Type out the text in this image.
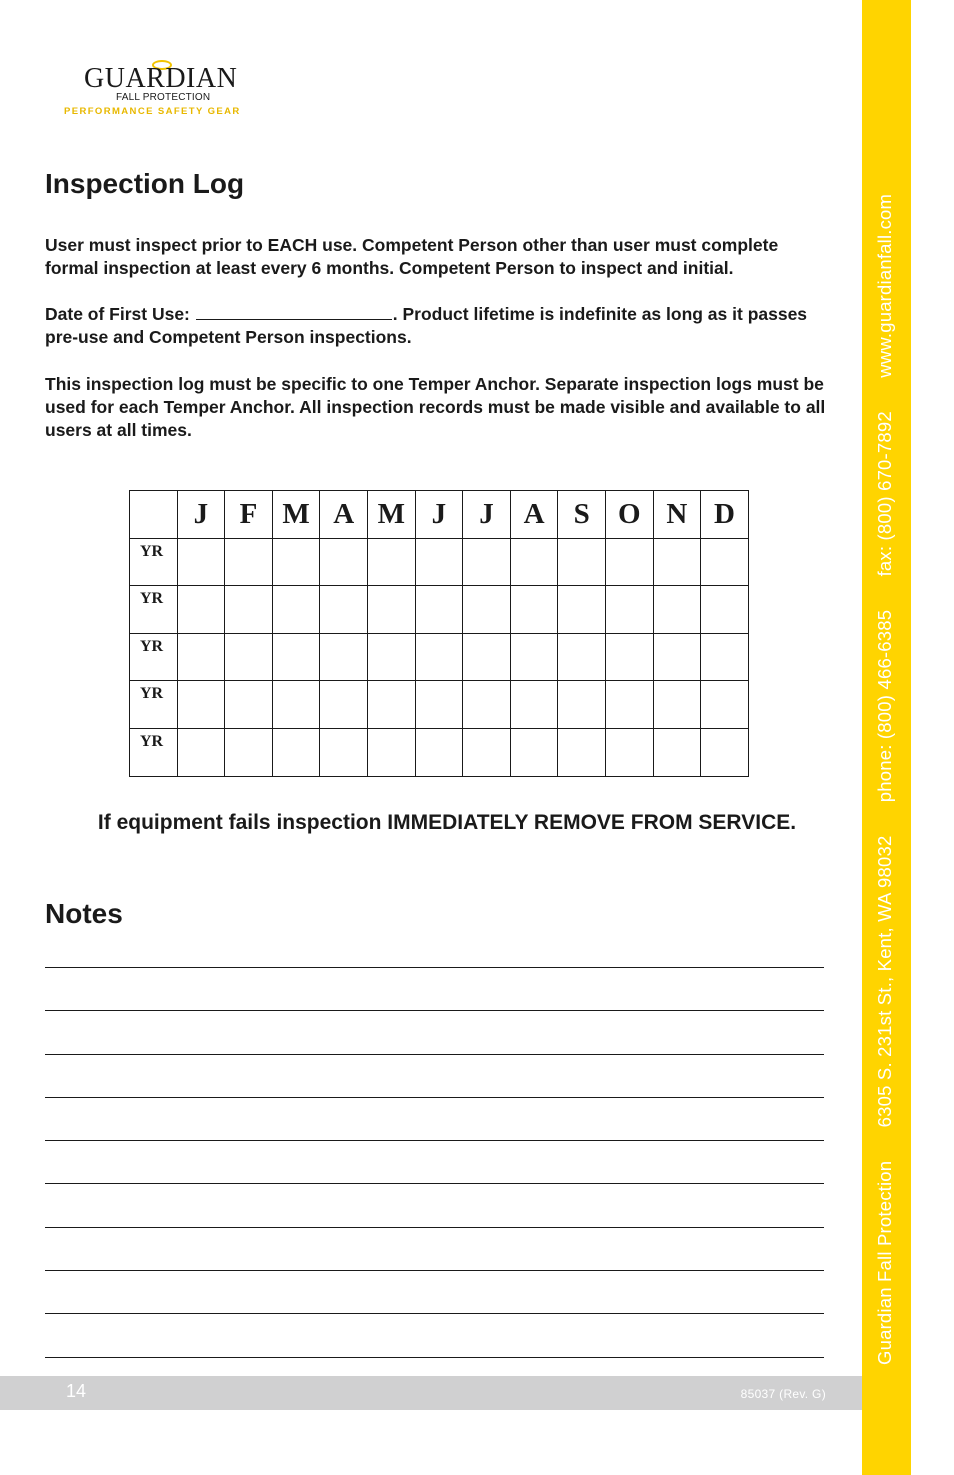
GUARDIAN
FALL PROTECTION
PERFORMANCE SAFETY GEAR
Inspection Log

User must inspect prior to EACH use. Competent Person other than user must complete formal inspection at least every 6 months. Competent Person to inspect and initial.

Date of First Use:	. Product lifetime is indefinite as long as it passes pre-use and Competent Person inspections.

This inspection log must be specific to one Temper Anchor. Separate inspection logs must be used for each Temper Anchor. All inspection records must be made visible and available to all users at all times.

	J	F	M	A	M	J	J	A	S	O	N	D
YR												
YR												
YR												
YR												
YR												
If equipment fails inspection IMMEDIATELY REMOVE FROM SERVICE.
Notes
14	85037 (Rev. G)
Guardian Fall Protection 6305 S. 231st St., Kent, WA 98032 phone: (800) 466-6385 fax: (800) 670-7892 www.guardianfall.com
